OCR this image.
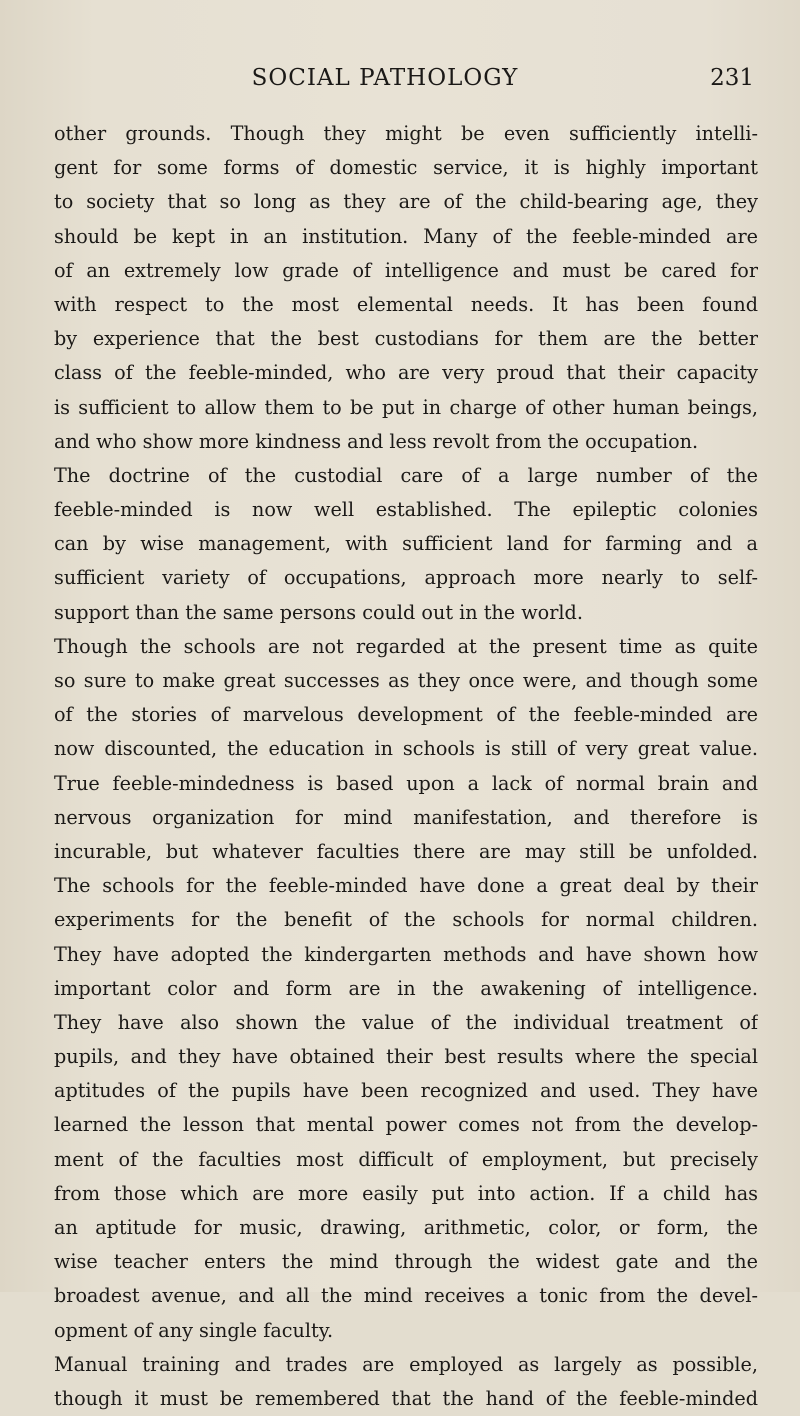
SOCIAL PATHOLOGY	231
other grounds. Though they might be even sufficiently intelli-
gent for some forms of domestic service, it is highly important
to society that so long as they are of the child-bearing age, they
should be kept in an institution. Many of the feeble-minded are
of an extremely low grade of intelligence and must be cared for
with respect to the most elemental needs. It has been found
by experience that the best custodians for them are the better
class of the feeble-minded, who are very proud that their capacity
is sufficient to allow them to be put in charge of other human beings,
and who show more kindness and less revolt from the occupation.
The doctrine of the custodial care of a large number of the
feeble-minded is now well established. The epileptic colonies
can by wise management, with sufficient land for farming and a
sufficient variety of occupations, approach more nearly to self-
support than the same persons could out in the world.
Though the schools are not regarded at the present time as quite
so sure to make great successes as they once were, and though some
of the stories of marvelous development of the feeble-minded are
now discounted, the education in schools is still of very great value.
True feeble-mindedness is based upon a lack of normal brain and
nervous organization for mind manifestation, and therefore is
incurable, but whatever faculties there are may still be unfolded.
The schools for the feeble-minded have done a great deal by their
experiments for the benefit of the schools for normal children.
They have adopted the kindergarten methods and have shown how
important color and form are in the awakening of intelligence.
They have also shown the value of the individual treatment of
pupils, and they have obtained their best results where the special
aptitudes of the pupils have been recognized and used. They have
learned the lesson that mental power comes not from the develop-
ment of the faculties most difficult of employment, but precisely
from those which are more easily put into action. If a child has
an aptitude for music, drawing, arithmetic, color, or form, the
wise teacher enters the mind through the widest gate and the
broadest avenue, and all the mind receives a tonic from the devel-
opment of any single faculty.
Manual training and trades are employed as largely as possible,
though it must be remembered that the hand of the feeble-minded
